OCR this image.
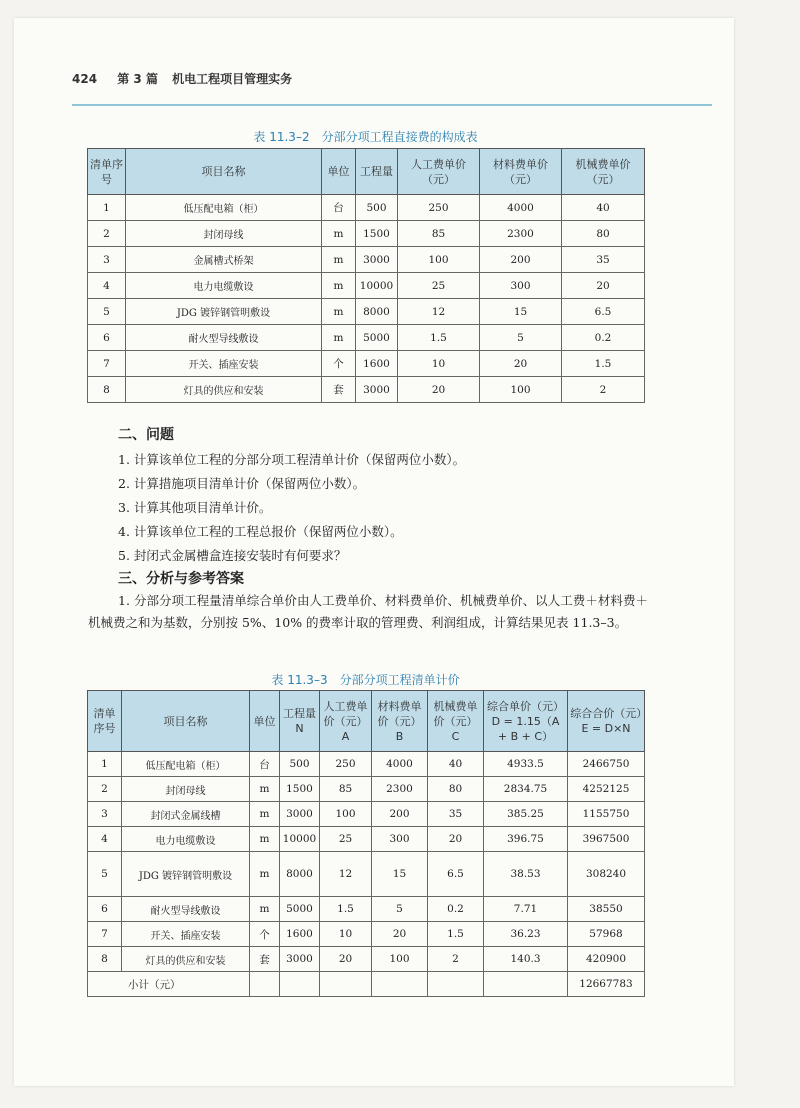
424 第 3 篇 机电工程项目管理实务
表 11.3–2 分部分项工程直接费的构成表
清单序号	项目名称	单位	工程量	人工费单价（元）	材料费单价（元）	机械费单价（元）
1	低压配电箱（柜）	台	500	250	4000	40
2	封闭母线	m	1500	85	2300	80
3	金属槽式桥架	m	3000	100	200	35
4	电力电缆敷设	m	10000	25	300	20
5	JDG 镀锌钢管明敷设	m	8000	12	15	6.5
6	耐火型导线敷设	m	5000	1.5	5	0.2
7	开关、插座安装	个	1600	10	20	1.5
8	灯具的供应和安装	套	3000	20	100	2
二、问题
1. 计算该单位工程的分部分项工程清单计价（保留两位小数）。
2. 计算措施项目清单计价（保留两位小数）。
3. 计算其他项目清单计价。
4. 计算该单位工程的工程总报价（保留两位小数）。
5. 封闭式金属槽盒连接安装时有何要求？
三、分析与参考答案
1. 分部分项工程量清单综合单价由人工费单价、材料费单价、机械费单价、以人工费＋材料费＋机械费之和为基数，分别按 5%、10% 的费率计取的管理费、利润组成，计算结果见表 11.3–3。
表 11.3–3 分部分项工程清单计价
清单序号	项目名称	单位	工程量 N	人工费单价（元）A	材料费单价（元）B	机械费单价（元）C	综合单价（元）D = 1.15（A + B + C）	综合合价（元）E = D×N
1	低压配电箱（柜）	台	500	250	4000	40	4933.5	2466750
2	封闭母线	m	1500	85	2300	80	2834.75	4252125
3	封闭式金属线槽	m	3000	100	200	35	385.25	1155750
4	电力电缆敷设	m	10000	25	300	20	396.75	3967500
5	JDG 镀锌钢管明敷设	m	8000	12	15	6.5	38.53	308240
6	耐火型导线敷设	m	5000	1.5	5	0.2	7.71	38550
7	开关、插座安装	个	1600	10	20	1.5	36.23	57968
8	灯具的供应和安装	套	3000	20	100	2	140.3	420900
小计（元）								12667783
